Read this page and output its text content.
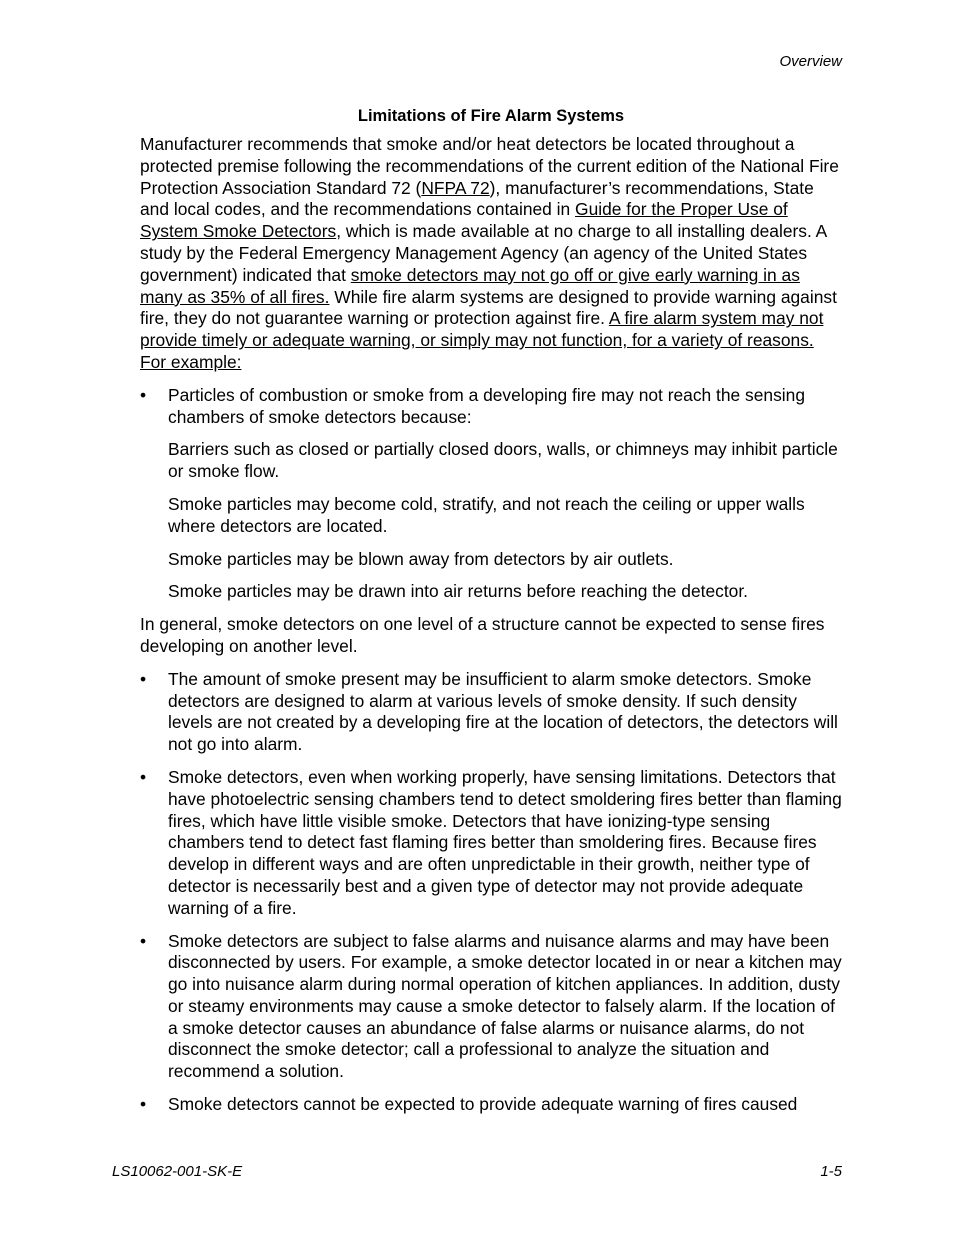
Overview
Limitations of Fire Alarm Systems

Manufacturer recommends that smoke and/or heat detectors be located throughout a protected premise following the recommendations of the current edition of the National Fire Protection Association Standard 72 (NFPA 72), manufacturer’s recommendations, State and local codes, and the recommendations contained in Guide for the Proper Use of System Smoke Detectors, which is made available at no charge to all installing dealers. A study by the Federal Emergency Management Agency (an agency of the United States government) indicated that smoke detectors may not go off or give early warning in as many as 35% of all fires. While fire alarm systems are designed to provide warning against fire, they do not guarantee warning or protection against fire. A fire alarm system may not provide timely or adequate warning, or simply may not function, for a variety of reasons. For example:

• Particles of combustion or smoke from a developing fire may not reach the sensing chambers of smoke detectors because:

Barriers such as closed or partially closed doors, walls, or chimneys may inhibit particle or smoke flow.

Smoke particles may become cold, stratify, and not reach the ceiling or upper walls where detectors are located.

Smoke particles may be blown away from detectors by air outlets.

Smoke particles may be drawn into air returns before reaching the detector.

In general, smoke detectors on one level of a structure cannot be expected to sense fires developing on another level.

• The amount of smoke present may be insufficient to alarm smoke detectors. Smoke detectors are designed to alarm at various levels of smoke density. If such density levels are not created by a developing fire at the location of detectors, the detectors will not go into alarm.

• Smoke detectors, even when working properly, have sensing limitations. Detectors that have photoelectric sensing chambers tend to detect smoldering fires better than flaming fires, which have little visible smoke. Detectors that have ionizing-type sensing chambers tend to detect fast flaming fires better than smoldering fires. Because fires develop in different ways and are often unpredictable in their growth, neither type of detector is necessarily best and a given type of detector may not provide adequate warning of a fire.

• Smoke detectors are subject to false alarms and nuisance alarms and may have been disconnected by users. For example, a smoke detector located in or near a kitchen may go into nuisance alarm during normal operation of kitchen appliances. In addition, dusty or steamy environments may cause a smoke detector to falsely alarm. If the location of a smoke detector causes an abundance of false alarms or nuisance alarms, do not disconnect the smoke detector; call a professional to analyze the situation and recommend a solution.

• Smoke detectors cannot be expected to provide adequate warning of fires caused

LS10062-001-SK-E	1-5
